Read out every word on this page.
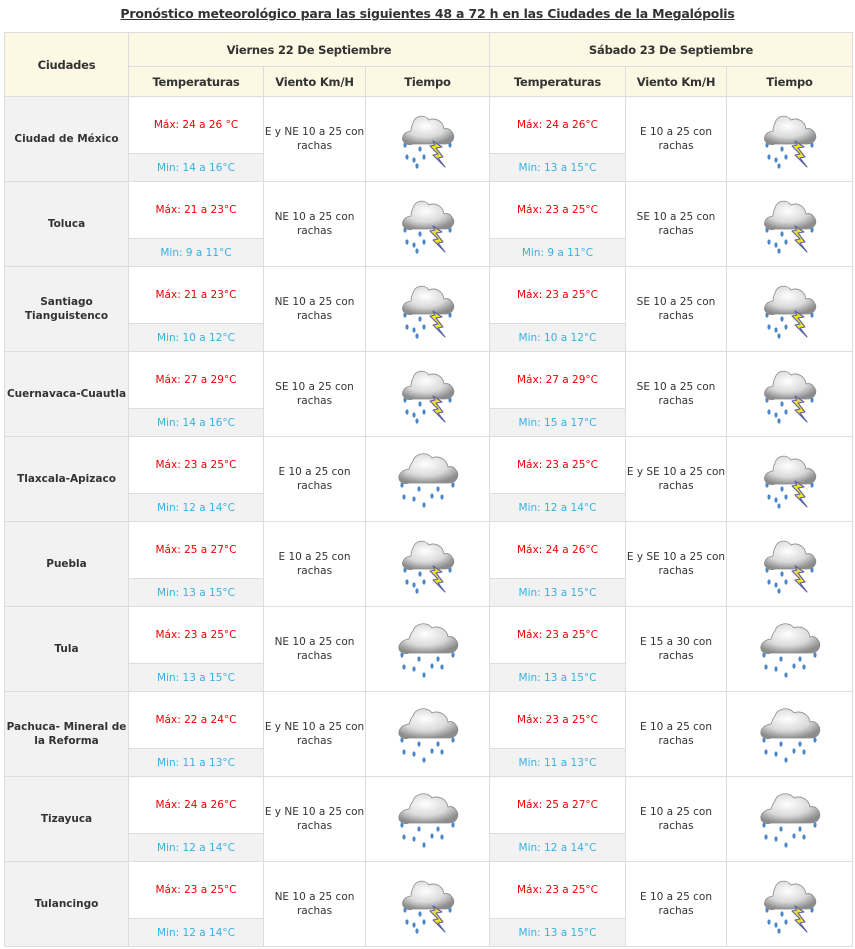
Pronóstico meteorológico para las siguientes 48 a 72 h en las Ciudades de la Megalópolis
Ciudades	Viernes 22 De Septiembre			Sábado 23 De Septiembre		
	Temperaturas	Viento Km/H	Tiempo	Temperaturas	Viento Km/H	Tiempo
Ciudad de México	Máx: 24 a 26 °C	E y NE 10 a 25 con rachas		Máx: 24 a 26°C	E 10 a 25 con rachas	
	Min: 14 a 16°C			Min: 13 a 15°C		
Toluca	Máx: 21 a 23°C	NE 10 a 25 con rachas		Máx: 23 a 25°C	SE 10 a 25 con rachas	
	Min: 9 a 11°C			Min: 9 a 11°C		
Santiago Tianguistenco	Máx: 21 a 23°C	NE 10 a 25 con rachas		Máx: 23 a 25°C	SE 10 a 25 con rachas	
	Min: 10 a 12°C			Min: 10 a 12°C		
Cuernavaca-Cuautla	Máx: 27 a 29°C	SE 10 a 25 con rachas		Máx: 27 a 29°C	SE 10 a 25 con rachas	
	Min: 14 a 16°C			Min: 15 a 17°C		
Tlaxcala-Apizaco	Máx: 23 a 25°C	E 10 a 25 con rachas		Máx: 23 a 25°C	E y SE 10 a 25 con rachas	
	Min: 12 a 14°C			Min: 12 a 14°C		
Puebla	Máx: 25 a 27°C	E 10 a 25 con rachas		Máx: 24 a 26°C	E y SE 10 a 25 con rachas	
	Min: 13 a 15°C			Min: 13 a 15°C		
Tula	Máx: 23 a 25°C	NE 10 a 25 con rachas		Máx: 23 a 25°C	E 15 a 30 con rachas	
	Min: 13 a 15°C			Min: 13 a 15°C		
Pachuca- Mineral de la Reforma	Máx: 22 a 24°C	E y NE 10 a 25 con rachas		Máx: 23 a 25°C	E 10 a 25 con rachas	
	Min: 11 a 13°C			Min: 11 a 13°C		
Tizayuca	Máx: 24 a 26°C	E y NE 10 a 25 con rachas		Máx: 25 a 27°C	E 10 a 25 con rachas	
	Min: 12 a 14°C			Min: 12 a 14°C		
Tulancingo	Máx: 23 a 25°C	NE 10 a 25 con rachas		Máx: 23 a 25°C	E 10 a 25 con rachas	
	Min: 12 a 14°C			Min: 13 a 15°C		
